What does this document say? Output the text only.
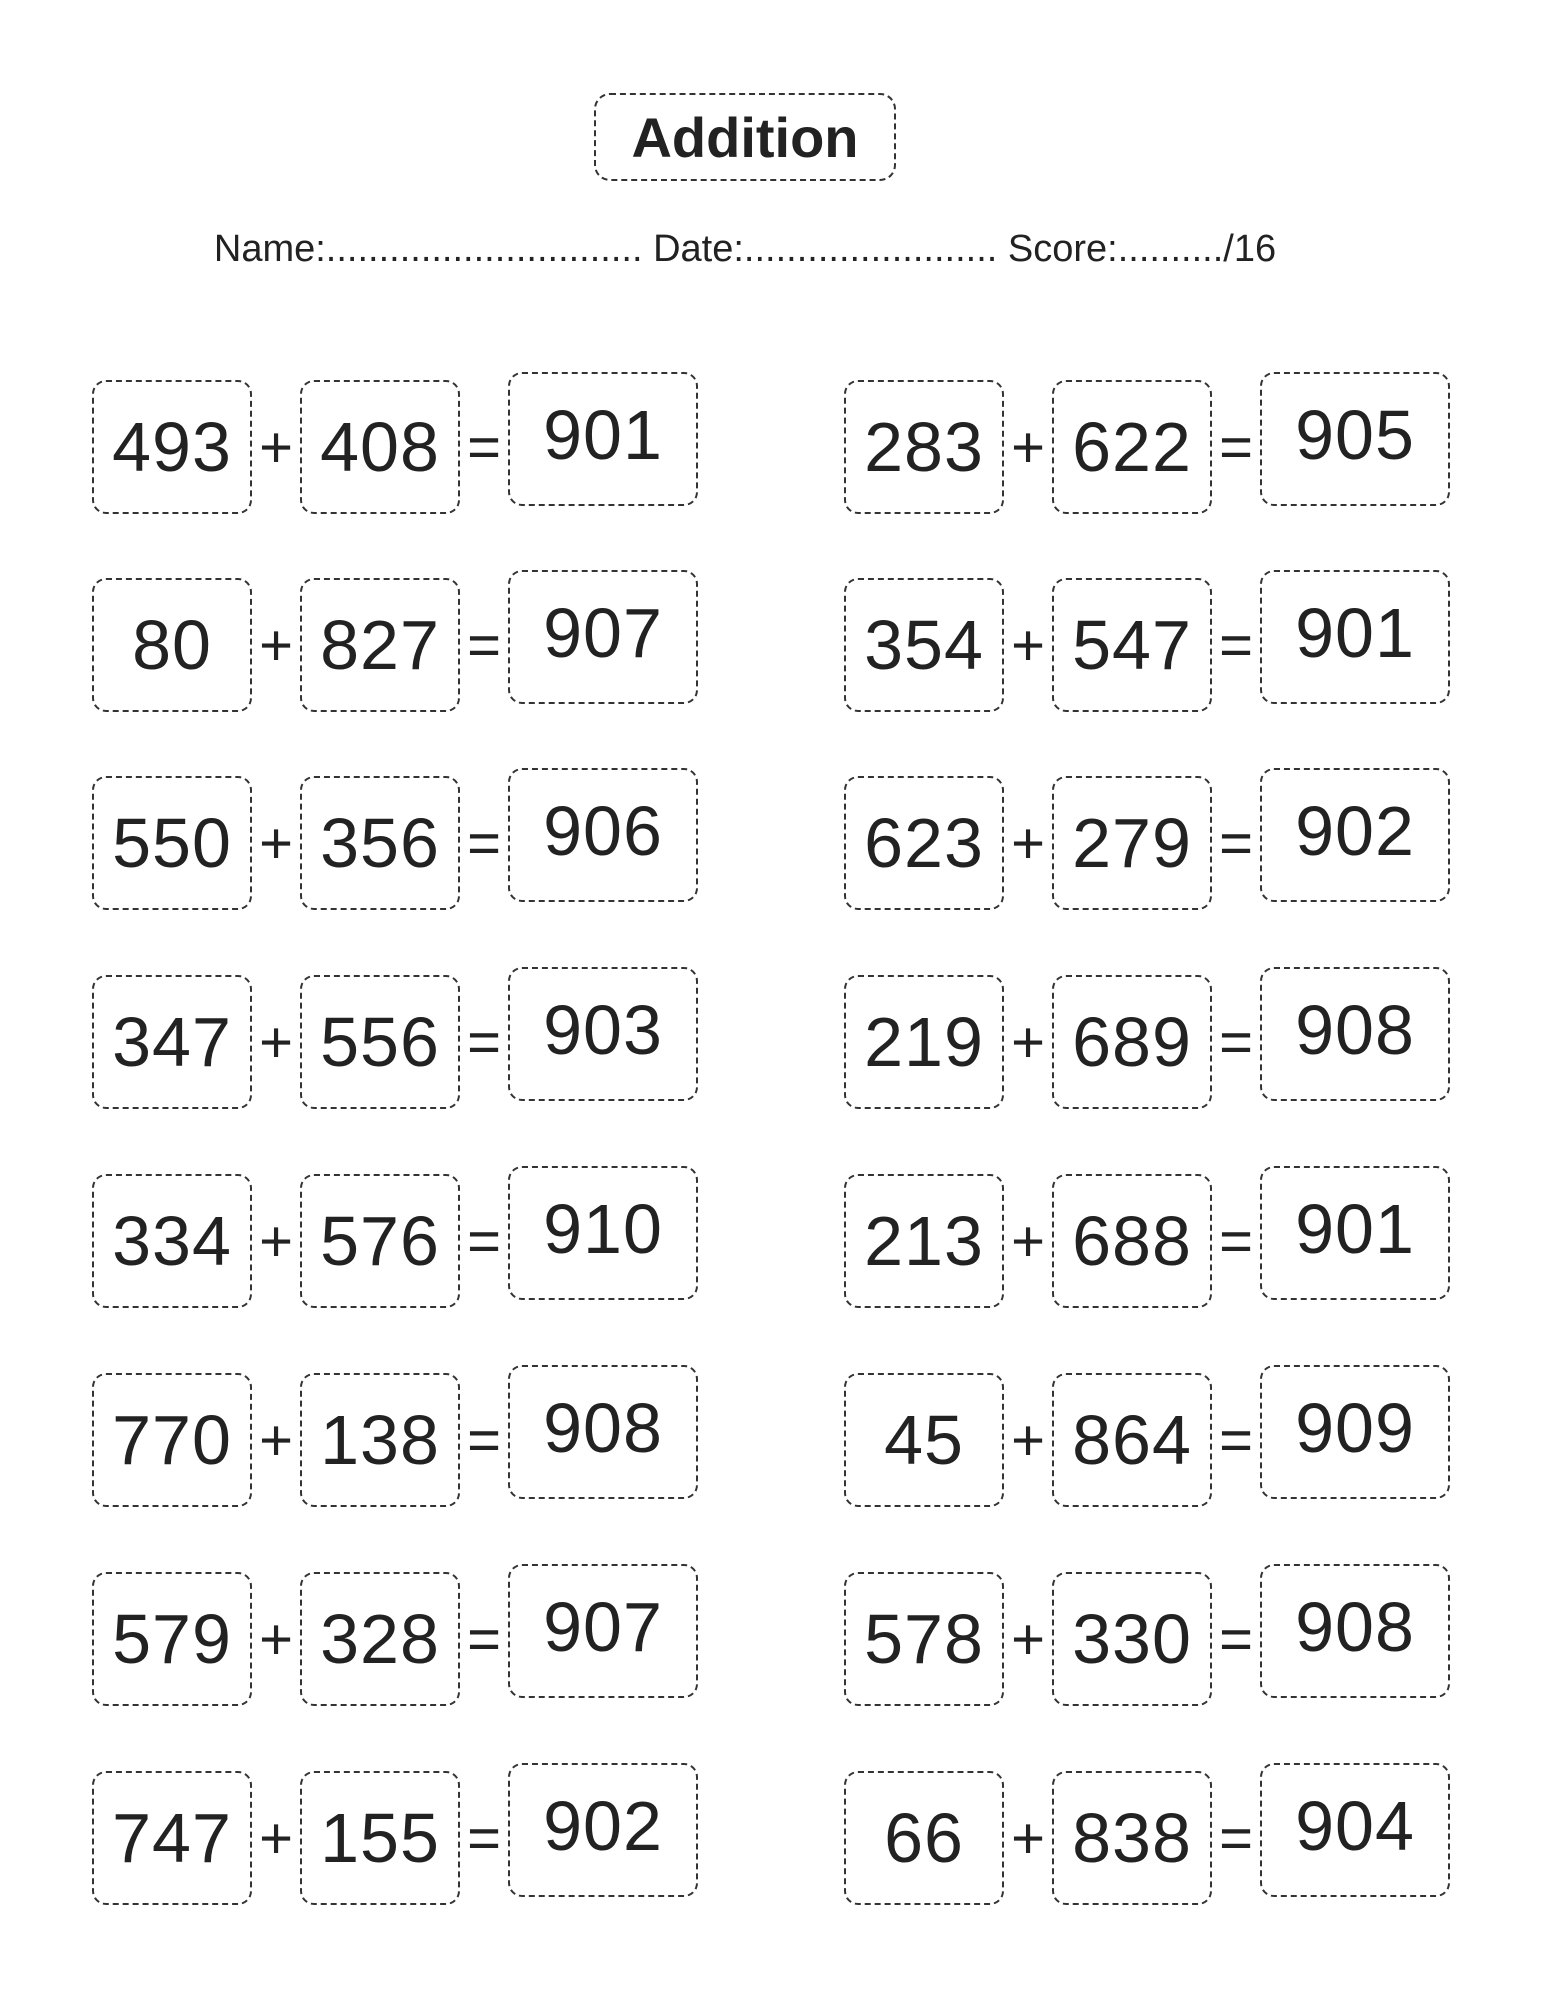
Addition
Name:.............................. Date:........................ Score:........../16
493 + 408 = 901
80 + 827 = 907
550 + 356 = 906
347 + 556 = 903
334 + 576 = 910
770 + 138 = 908
579 + 328 = 907
747 + 155 = 902
283 + 622 = 905
354 + 547 = 901
623 + 279 = 902
219 + 689 = 908
213 + 688 = 901
45 + 864 = 909
578 + 330 = 908
66 + 838 = 904
